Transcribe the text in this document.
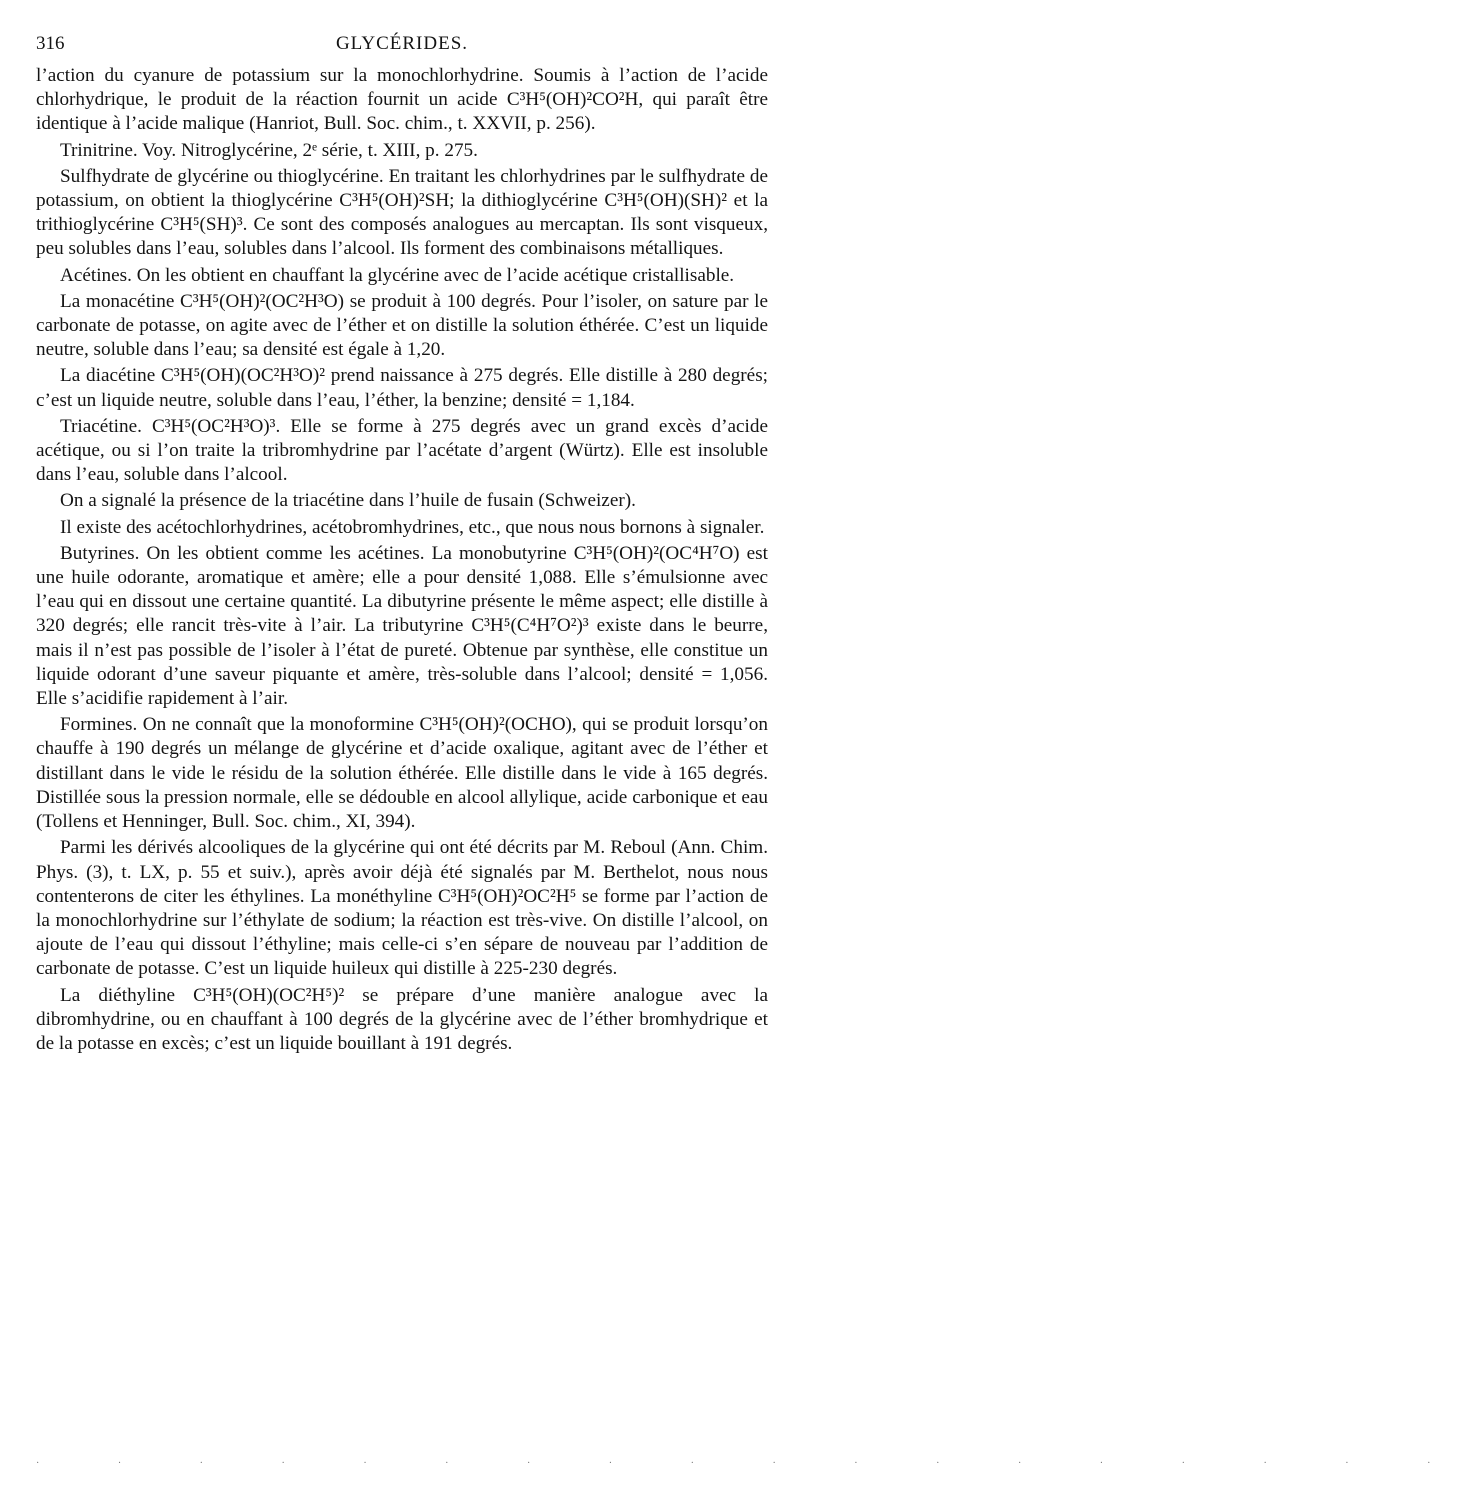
316	GLYCÉRIDES.

l’action du cyanure de potassium sur la monochlorhydrine. Soumis à l’action de l’acide chlorhydrique, le produit de la réaction fournit un acide C³H⁵(OH)²CO²H, qui paraît être identique à l’acide malique (Hanriot, Bull. Soc. chim., t. XXVII, p. 256).

Trinitrine. Voy. Nitroglycérine, 2ᵉ série, t. XIII, p. 275.

Sulfhydrate de glycérine ou thioglycérine. En traitant les chlorhydrines par le sulfhydrate de potassium, on obtient la thioglycérine C³H⁵(OH)²SH; la dithioglycérine C³H⁵(OH)(SH)² et la trithioglycérine C³H⁵(SH)³. Ce sont des composés analogues au mercaptan. Ils sont visqueux, peu solubles dans l’eau, solubles dans l’alcool. Ils forment des combinaisons métalliques.

Acétines. On les obtient en chauffant la glycérine avec de l’acide acétique cristallisable.

La monacétine C³H⁵(OH)²(OC²H³O) se produit à 100 degrés. Pour l’isoler, on sature par le carbonate de potasse, on agite avec de l’éther et on distille la solution éthérée. C’est un liquide neutre, soluble dans l’eau; sa densité est égale à 1,20.

La diacétine C³H⁵(OH)(OC²H³O)² prend naissance à 275 degrés. Elle distille à 280 degrés; c’est un liquide neutre, soluble dans l’eau, l’éther, la benzine; densité = 1,184.

Triacétine. C³H⁵(OC²H³O)³. Elle se forme à 275 degrés avec un grand excès d’acide acétique, ou si l’on traite la tribromhydrine par l’acétate d’argent (Würtz). Elle est insoluble dans l’eau, soluble dans l’alcool.

On a signalé la présence de la triacétine dans l’huile de fusain (Schweizer).

Il existe des acétochlorhydrines, acétobromhydrines, etc., que nous nous bornons à signaler.

Butyrines. On les obtient comme les acétines. La monobutyrine C³H⁵(OH)²(OC⁴H⁷O) est une huile odorante, aromatique et amère; elle a pour densité 1,088. Elle s’émulsionne avec l’eau qui en dissout une certaine quantité. La dibutyrine présente le même aspect; elle distille à 320 degrés; elle rancit très-vite à l’air. La tributyrine C³H⁵(C⁴H⁷O²)³ existe dans le beurre, mais il n’est pas possible de l’isoler à l’état de pureté. Obtenue par synthèse, elle constitue un liquide odorant d’une saveur piquante et amère, très-soluble dans l’alcool; densité = 1,056. Elle s’acidifie rapidement à l’air.

Formines. On ne connaît que la monoformine C³H⁵(OH)²(OCHO), qui se produit lorsqu’on chauffe à 190 degrés un mélange de glycérine et d’acide oxalique, agitant avec de l’éther et distillant dans le vide le résidu de la solution éthérée. Elle distille dans le vide à 165 degrés. Distillée sous la pression normale, elle se dédouble en alcool allylique, acide carbonique et eau (Tollens et Henninger, Bull. Soc. chim., XI, 394).

Parmi les dérivés alcooliques de la glycérine qui ont été décrits par M. Reboul (Ann. Chim. Phys. (3), t. LX, p. 55 et suiv.), après avoir déjà été signalés par M. Berthelot, nous nous contenterons de citer les éthylines. La monéthyline C³H⁵(OH)²OC²H⁵ se forme par l’action de la monochlorhydrine sur l’éthylate de sodium; la réaction est très-vive. On distille l’alcool, on ajoute de l’eau qui dissout l’éthyline; mais celle-ci s’en sépare de nouveau par l’addition de carbonate de potasse. C’est un liquide huileux qui distille à 225-230 degrés.

La diéthyline C³H⁵(OH)(OC²H⁵)² se prépare d’une manière analogue avec la dibromhydrine, ou en chauffant à 100 degrés de la glycérine avec de l’éther bromhydrique et de la potasse en excès; c’est un liquide bouillant à 191 degrés.

· · · · · · · · · · · · · · · · · ·
